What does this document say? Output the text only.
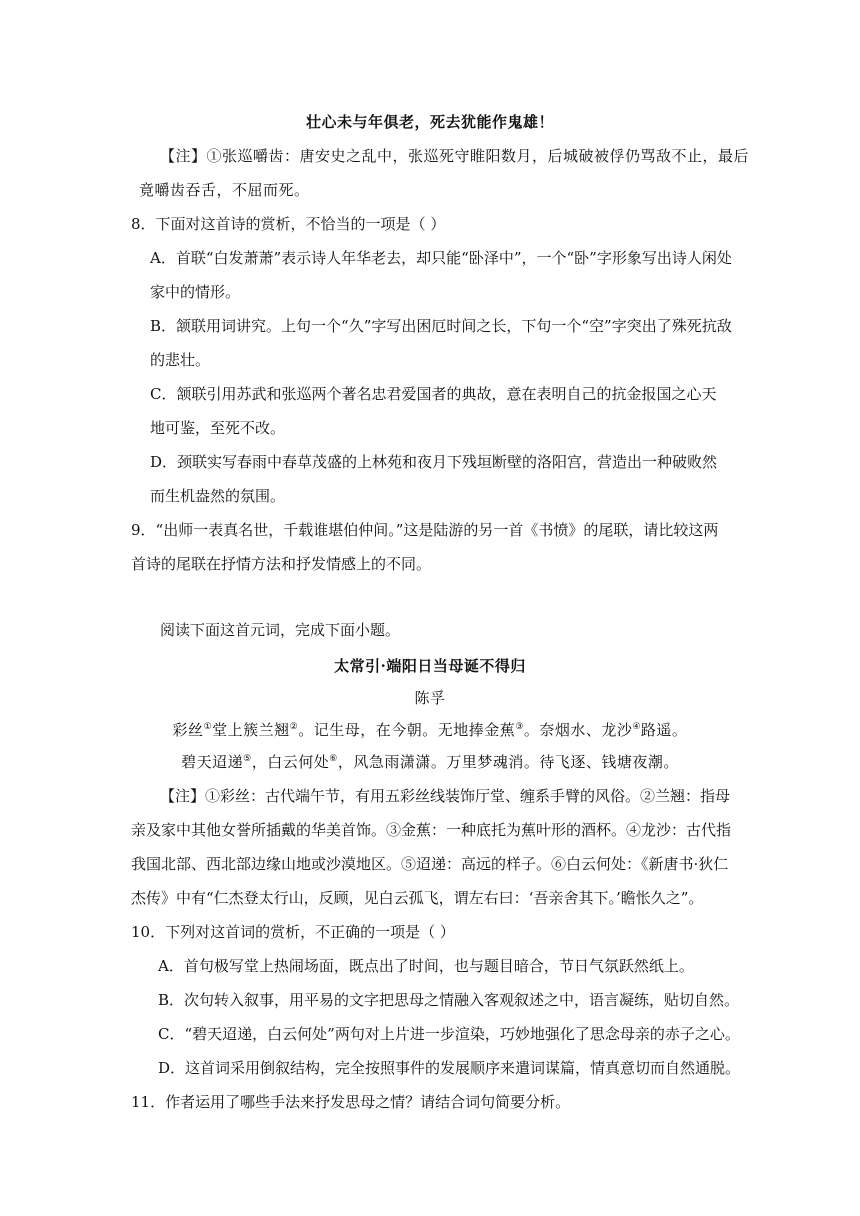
壮心未与年俱老，死去犹能作鬼雄！
【注】①张巡嚼齿：唐安史之乱中，张巡死守睢阳数月，后城破被俘仍骂敌不止，最后
竟嚼齿吞舌，不屈而死。
8．下面对这首诗的赏析，不恰当的一项是（ ）
A．首联“白发萧萧”表示诗人年华老去，却只能“卧泽中”，一个“卧”字形象写出诗人闲处
家中的情形。
B．颔联用词讲究。上句一个“久”字写出困厄时间之长，下句一个“空”字突出了殊死抗敌
的悲壮。
C．颔联引用苏武和张巡两个著名忠君爱国者的典故，意在表明自己的抗金报国之心天
地可鉴，至死不改。
D．颈联实写春雨中春草茂盛的上林苑和夜月下残垣断壁的洛阳宫，营造出一种破败然
而生机盎然的氛围。
9．“出师一表真名世，千载谁堪伯仲间。”这是陆游的另一首《书愤》的尾联，请比较这两
首诗的尾联在抒情方法和抒发情感上的不同。
阅读下面这首元词，完成下面小题。
太常引·端阳日当母诞不得归
陈孚
彩丝①堂上簇兰翘②。记生母，在今朝。无地捧金蕉③。奈烟水、龙沙④路遥。
碧天迢递⑤，白云何处⑥，风急雨潇潇。万里梦魂消。待飞逐、钱塘夜潮。
【注】①彩丝：古代端午节，有用五彩丝线装饰厅堂、缠系手臂的风俗。②兰翘：指母
亲及家中其他女誉所插戴的华美首饰。③金蕉：一种底托为蕉叶形的酒杯。④龙沙：古代指
我国北部、西北部边缘山地或沙漠地区。⑤迢递：高远的样子。⑥白云何处：《新唐书·狄仁
杰传》中有“仁杰登太行山，反顾，见白云孤飞，谓左右曰：‘吾亲舍其下。’瞻怅久之”。
10．下列对这首词的赏析，不正确的一项是（ ）
A．首句极写堂上热闹场面，既点出了时间，也与题目暗合，节日气氛跃然纸上。
B．次句转入叙事，用平易的文字把思母之情融入客观叙述之中，语言凝练，贴切自然。
C．“碧天迢递，白云何处”两句对上片进一步渲染，巧妙地强化了思念母亲的赤子之心。
D．这首词采用倒叙结构，完全按照事件的发展顺序来遣词谋篇，情真意切而自然通脱。
11．作者运用了哪些手法来抒发思母之情？请结合词句简要分析。
